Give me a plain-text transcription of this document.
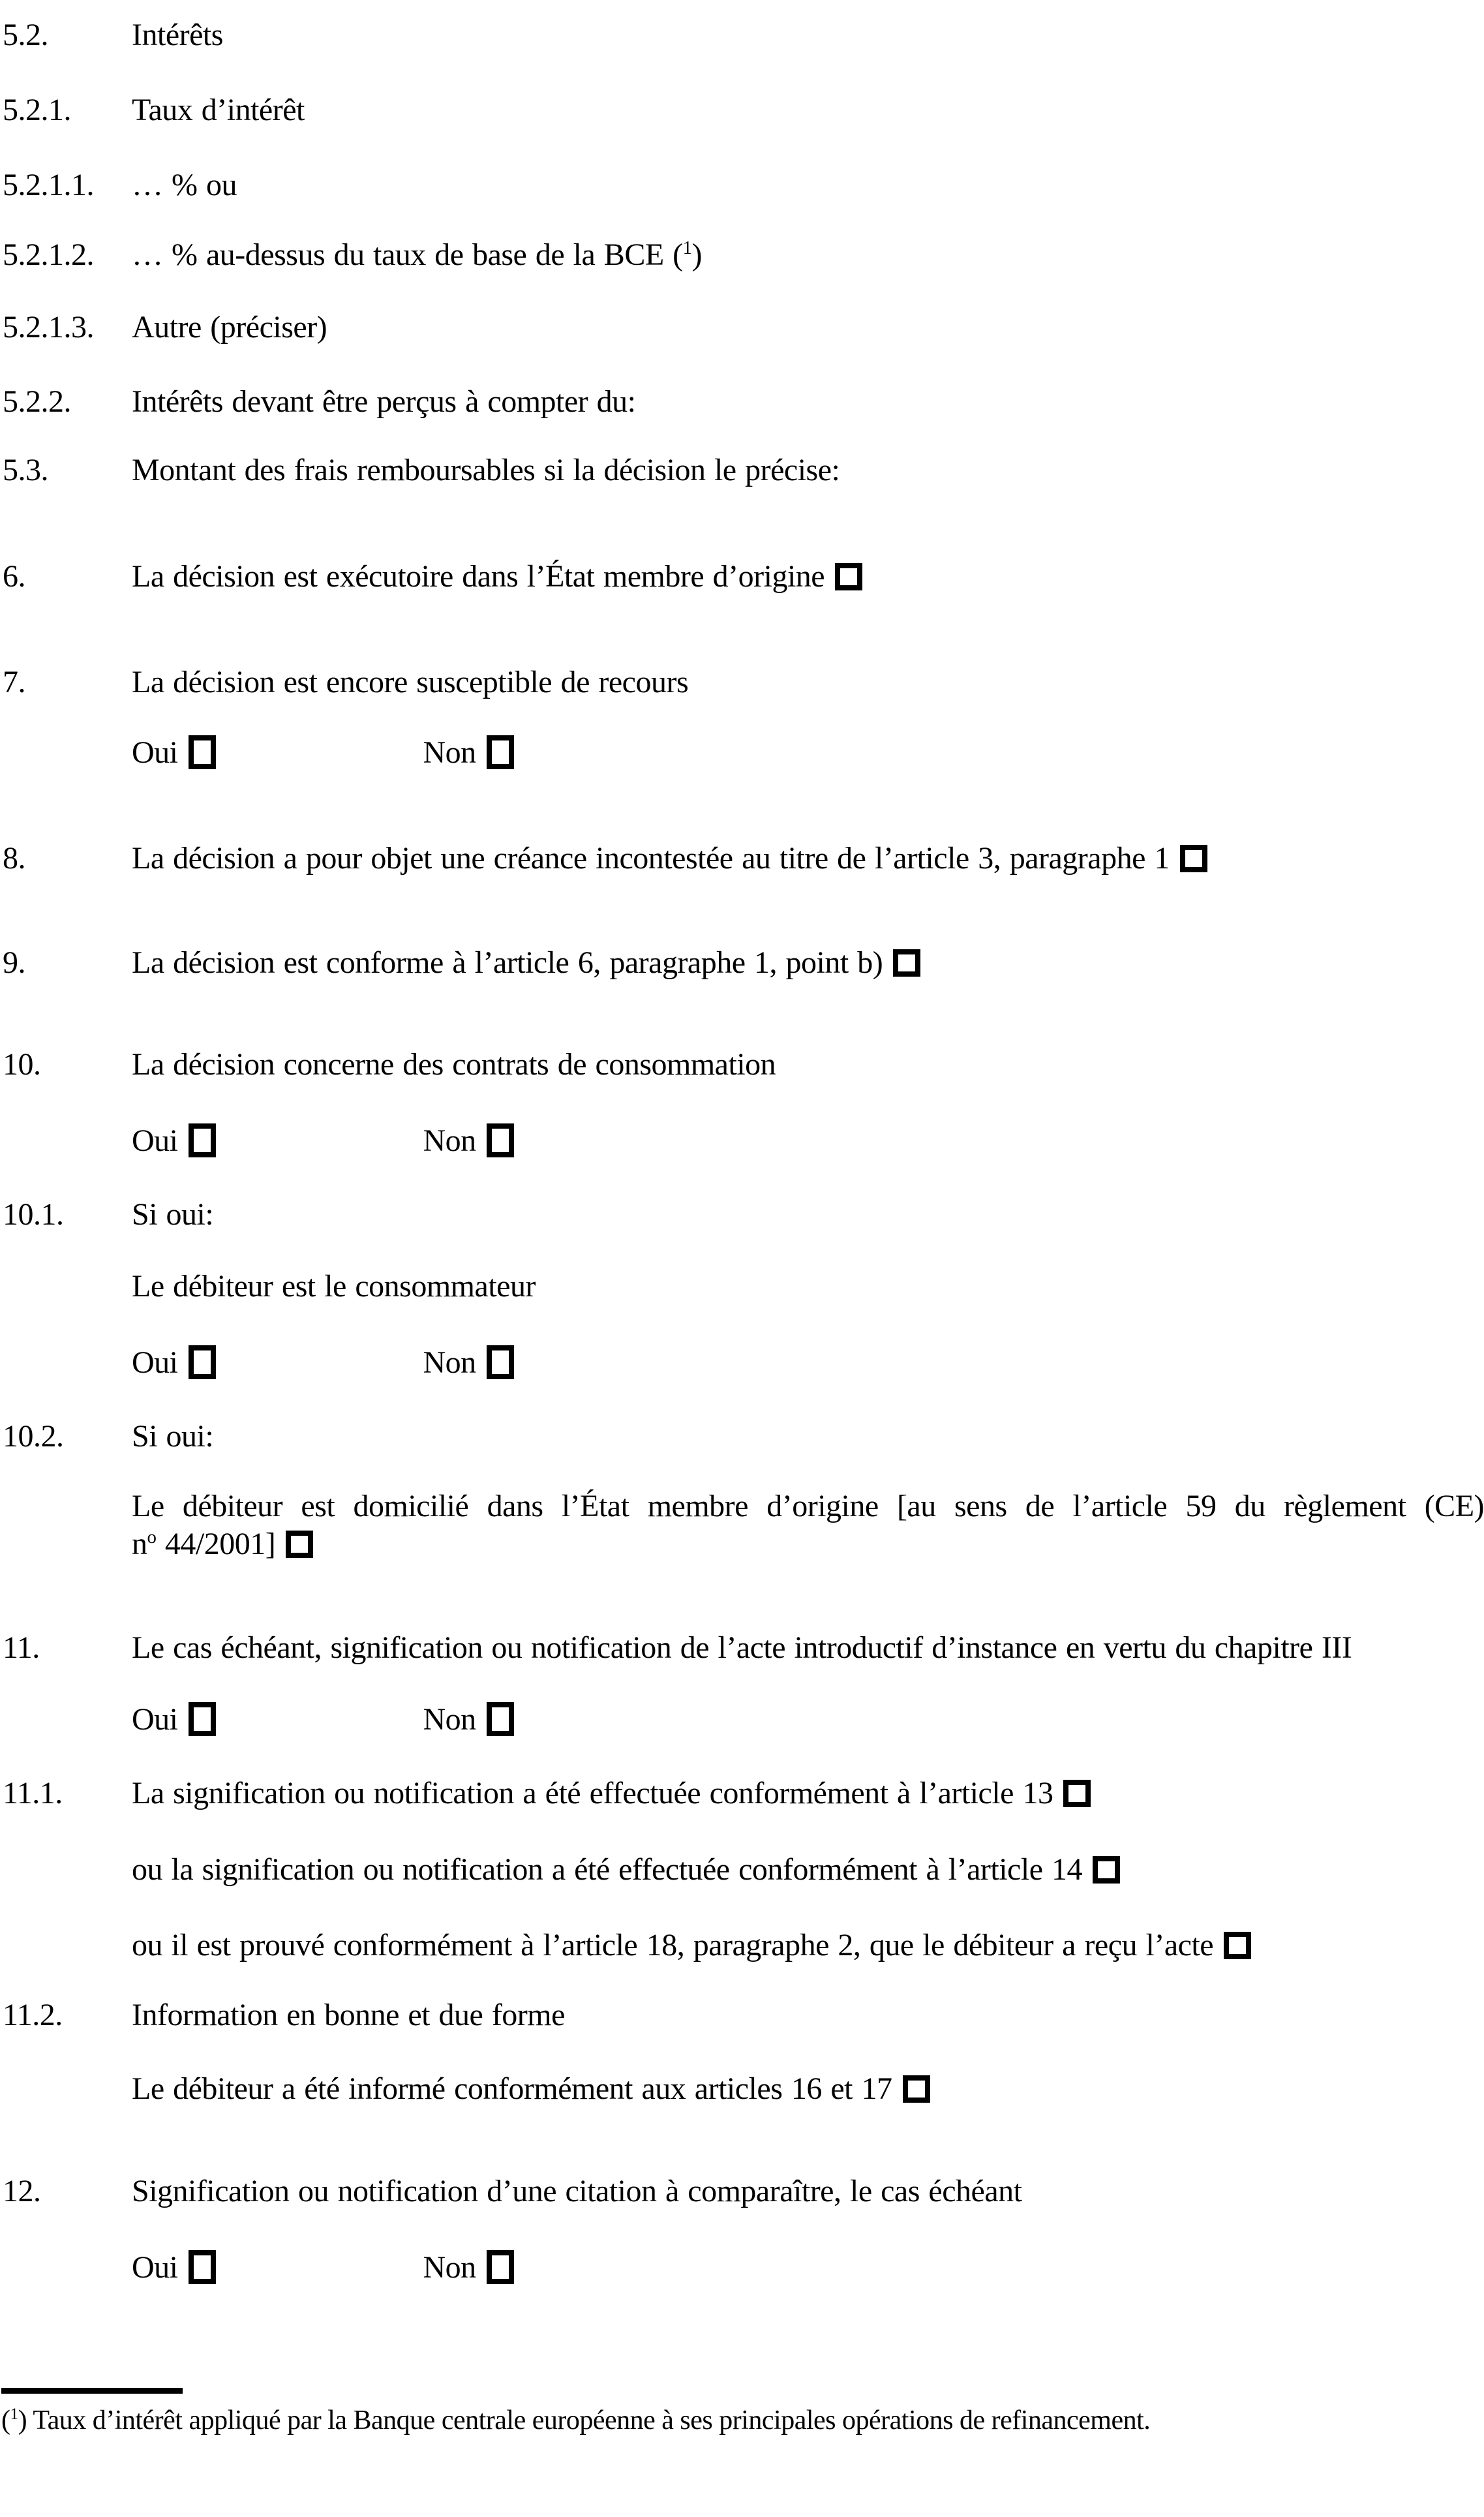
5.2.	Intérêts
5.2.1. Taux d’intérêt
5.2.1.1. … % ou
5.2.1.2. … % au-dessus du taux de base de la BCE ($^1$)
5.2.1.3. Autre (préciser)
5.2.2. Intérêts devant être perçus à compter du:
5.3.	Montant des frais remboursables si la décision le précise:
6.	La décision est exécutoire dans l’État membre d’origine
7.	La décision est encore susceptible de recours
Oui	Non
8.	La décision a pour objet une créance incontestée au titre de l’article 3, paragraphe 1
9.	La décision est conforme à l’article 6, paragraphe 1, point b)
10.	La décision concerne des contrats de consommation
Oui	Non
10.1. Si oui:
Le débiteur est le consommateur
Oui	Non
10.2. Si oui:
Le débiteur est domicilié dans l’État membre d’origine [au sens de l’article 59 du règlement (CE) $n^o$ 44/2001]
11.	Le cas échéant, signification ou notification de l’acte introductif d’instance en vertu du chapitre III
Oui	Non
11.1. La signification ou notification a été effectuée conformément à l’article 13
ou la signification ou notification a été effectuée conformément à l’article 14
ou il est prouvé conformément à l’article 18, paragraphe 2, que le débiteur a reçu l’acte
11.2. Information en bonne et due forme
Le débiteur a été informé conformément aux articles 16 et 17
12.	Signification ou notification d’une citation à comparaître, le cas échéant
Oui	Non
($^1$) Taux d’intérêt appliqué par la Banque centrale européenne à ses principales opérations de refinancement.
